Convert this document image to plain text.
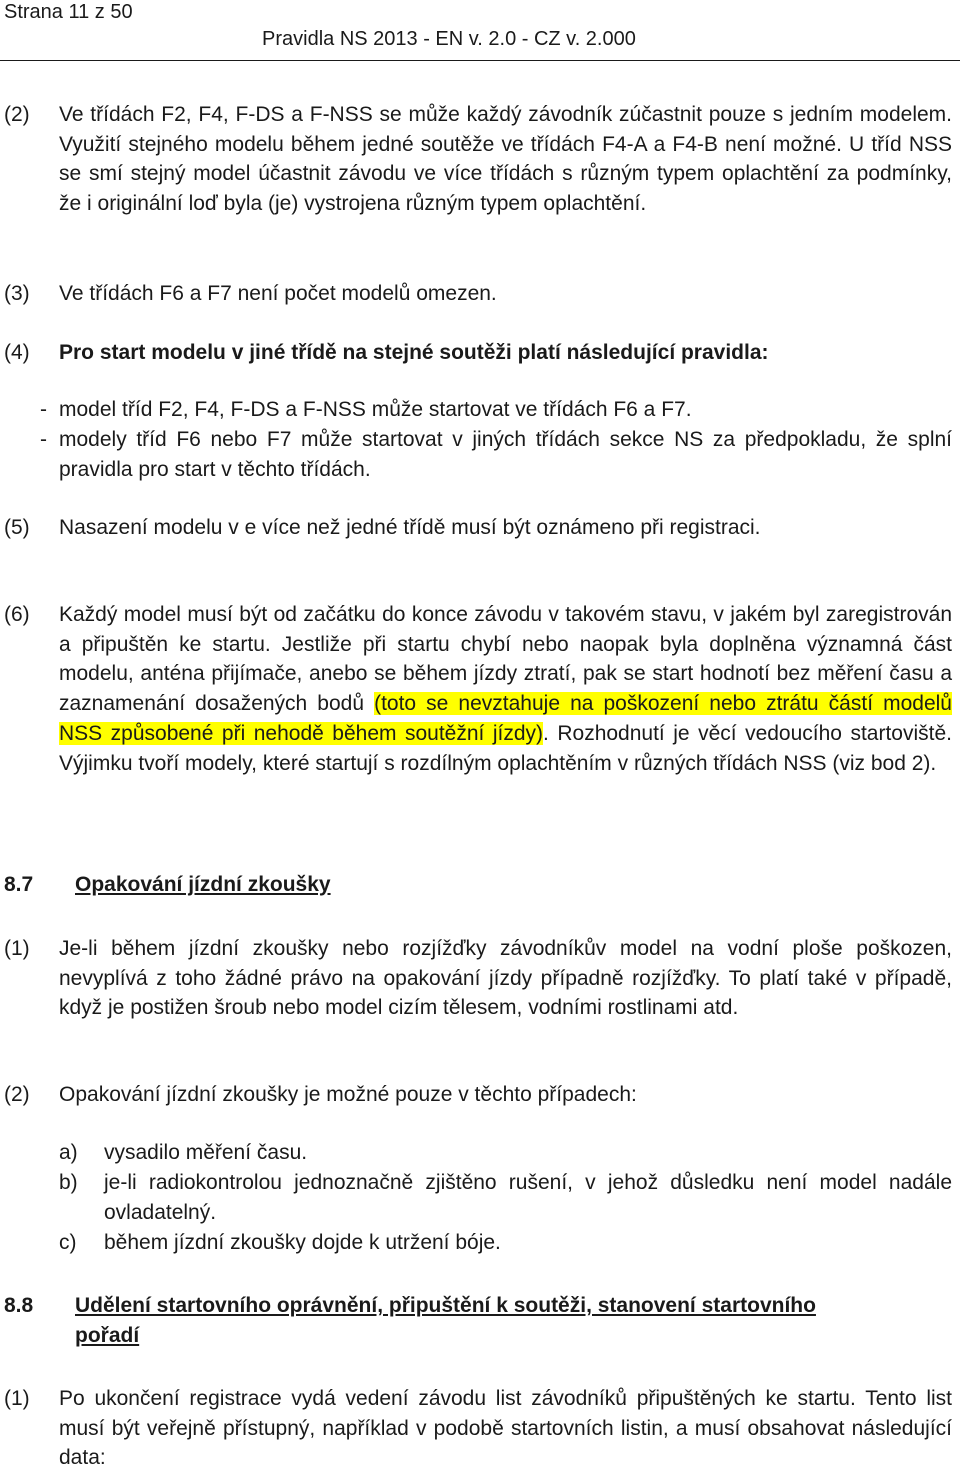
Strana 11 z 50
Pravidla NS 2013 - EN v. 2.0 - CZ v. 2.000
(2) Ve třídách F2, F4, F-DS a F-NSS se může každý závodník zúčastnit pouze s jedním modelem. Využití stejného modelu během jedné soutěže ve třídách F4-A a F4-B není možné. U tříd NSS se smí stejný model účastnit závodu ve více třídách s různým typem oplachtění za podmínky, že i originální loď byla (je) vystrojena různým typem oplachtění.
(3) Ve třídách F6 a F7 není počet modelů omezen.
(4) Pro start modelu v jiné třídě na stejné soutěži platí následující pravidla:
- model tříd F2, F4, F-DS a F-NSS může startovat ve třídách F6 a F7.
- modely tříd F6 nebo F7 může startovat v jiných třídách sekce NS za předpokladu, že splní pravidla pro start v těchto třídách.
(5) Nasazení modelu v e více než jedné třídě musí být oznámeno při registraci.
(6) Každý model musí být od začátku do konce závodu v takovém stavu, v jakém byl zaregistrován a připuštěn ke startu. Jestliže při startu chybí nebo naopak byla doplněna významná část modelu, anténa přijímače, anebo se během jízdy ztratí, pak se start hodnotí bez měření času a zaznamenání dosažených bodů (toto se nevztahuje na poškození nebo ztrátu částí modelů NSS způsobené při nehodě během soutěžní jízdy). Rozhodnutí je věcí vedoucího startoviště. Výjimku tvoří modely, které startují s rozdílným oplachtěním v různých třídách NSS (viz bod 2).
8.7 Opakování jízdní zkoušky
(1) Je-li během jízdní zkoušky nebo rozjížďky závodníkův model na vodní ploše poškozen, nevyplívá z toho žádné právo na opakování jízdy případně rozjížďky. To platí také v případě, když je postižen šroub nebo model cizím tělesem, vodními rostlinami atd.
(2) Opakování jízdní zkoušky je možné pouze v těchto případech:
a) vysadilo měření času.
b) je-li radiokontrolou jednoznačně zjištěno rušení, v jehož důsledku není model nadále ovladatelný.
c) během jízdní zkoušky dojde k utržení bóje.
8.8 Udělení startovního oprávnění, připuštění k soutěži, stanovení startovního pořadí
(1) Po ukončení registrace vydá vedení závodu list závodníků připuštěných ke startu. Tento list musí být veřejně přístupný, například v podobě startovních listin, a musí obsahovat následující data:
